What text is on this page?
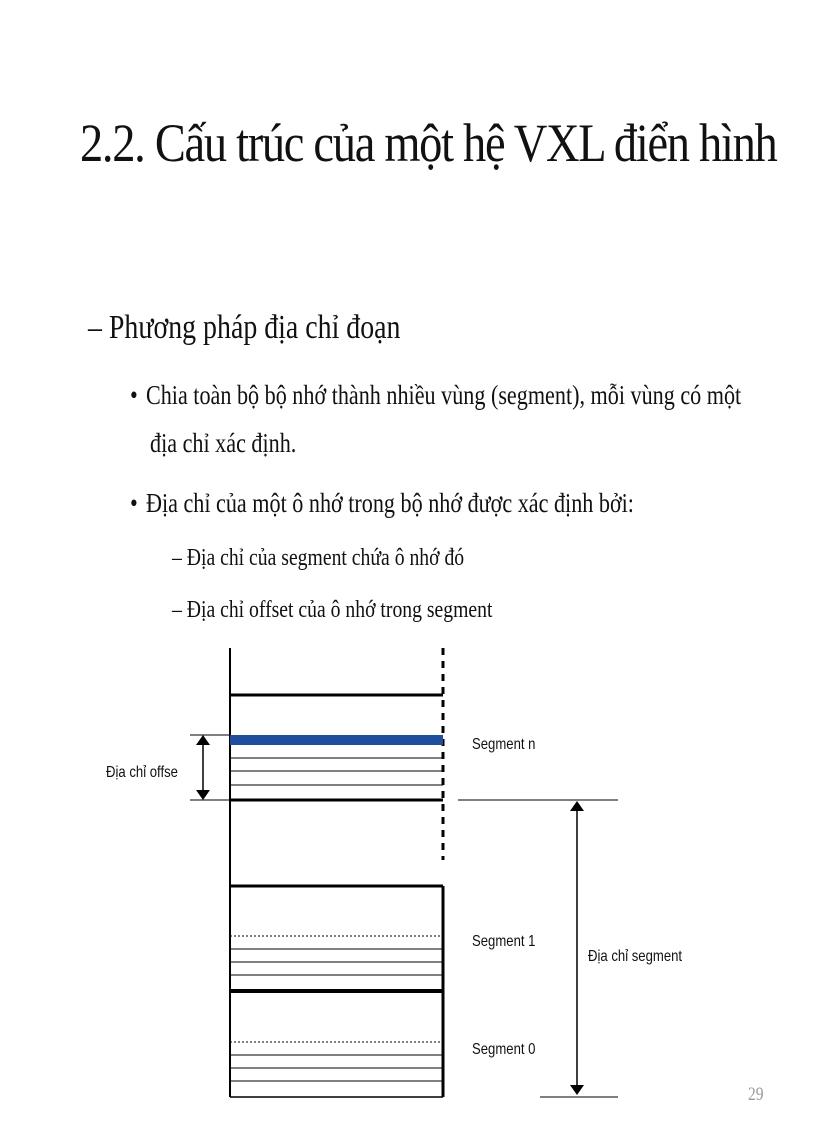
2.2. Cấu trúc của một hệ VXL điển hình
– Phương pháp địa chỉ đoạn
• Chia toàn bộ bộ nhớ thành nhiều vùng (segment), mỗi vùng có một
địa chỉ xác định.
• Địa chỉ của một ô nhớ trong bộ nhớ được xác định bởi:
– Địa chỉ của segment chứa ô nhớ đó
– Địa chỉ offset của ô nhớ trong segment
Segment n
Segment 1
Segment 0
Địa chỉ offse
Địa chỉ segment
29
